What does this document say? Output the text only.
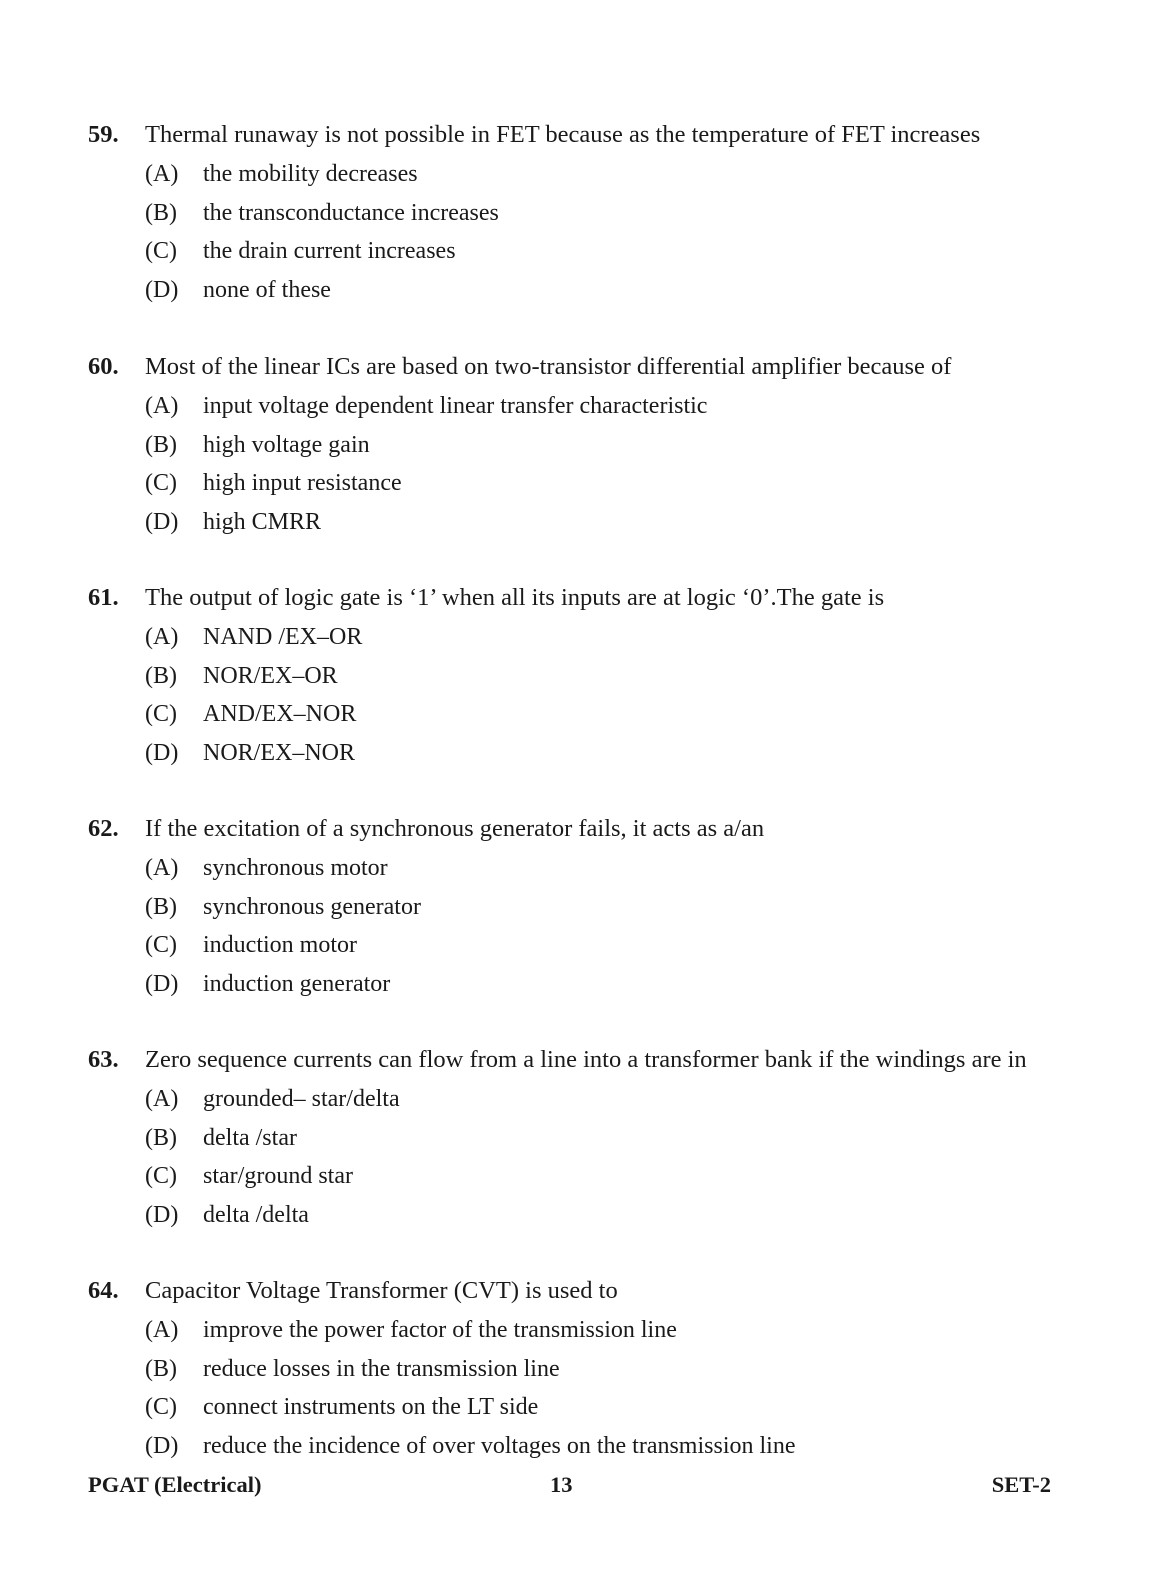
59. Thermal runaway is not possible in FET because as the temperature of FET increases
(A) the mobility decreases
(B) the transconductance increases
(C) the drain current increases
(D) none of these
60. Most of the linear ICs are based on two-transistor differential amplifier because of
(A) input voltage dependent linear transfer characteristic
(B) high voltage gain
(C) high input resistance
(D) high CMRR
61. The output of logic gate is ‘1’ when all its inputs are at logic ‘0’.The gate is
(A) NAND /EX–OR
(B) NOR/EX–OR
(C) AND/EX–NOR
(D) NOR/EX–NOR
62. If the excitation of a synchronous generator fails, it acts as a/an
(A) synchronous motor
(B) synchronous generator
(C) induction motor
(D) induction generator
63. Zero sequence currents can flow from a line into a transformer bank if the windings are in
(A) grounded– star/delta
(B) delta /star
(C) star/ground star
(D) delta /delta
64. Capacitor Voltage Transformer (CVT) is used to
(A) improve the power factor of the transmission line
(B) reduce losses in the transmission line
(C) connect instruments on the LT side
(D) reduce the incidence of over voltages on the transmission line
PGAT (Electrical)	13	SET-2
